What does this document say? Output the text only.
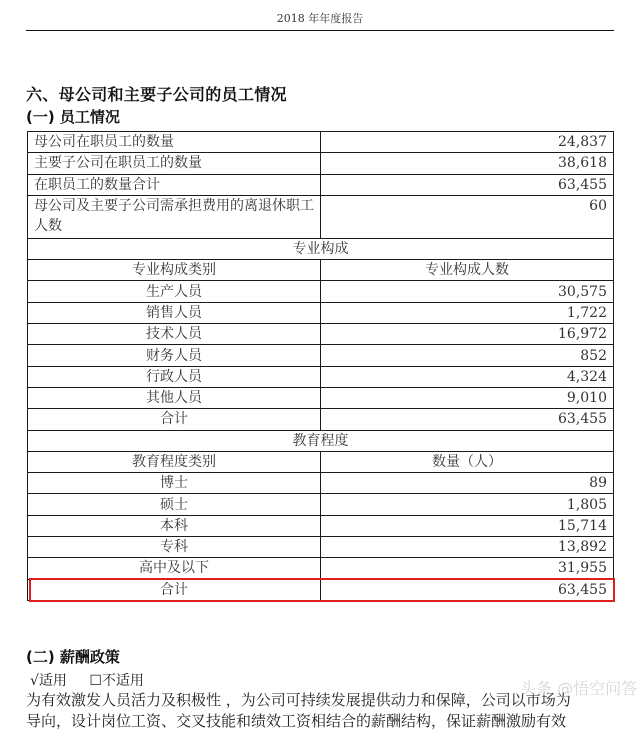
2018 年年度报告
六、母公司和主要子公司的员工情况
(一) 员工情况
母公司在职员工的数量	24,837
主要子公司在职员工的数量	38,618
在职员工的数量合计	63,455
母公司及主要子公司需承担费用的离退休职工人数	60
专业构成	
专业构成类别	专业构成人数
生产人员	30,575
销售人员	1,722
技术人员	16,972
财务人员	852
行政人员	4,324
其他人员	9,010
合计	63,455
教育程度	
教育程度类别	数量（人）
博士	89
硕士	1,805
本科	15,714
专科	13,892
高中及以下	31,955
合计	63,455
(二) 薪酬政策
√适用 ☐不适用
为有效激发人员活力及积极性 ，为公司可持续发展提供动力和保障，公司以市场为
导向，设计岗位工资、交叉技能和绩效工资相结合的薪酬结构，保证薪酬激励有效
头条 @悟空问答
